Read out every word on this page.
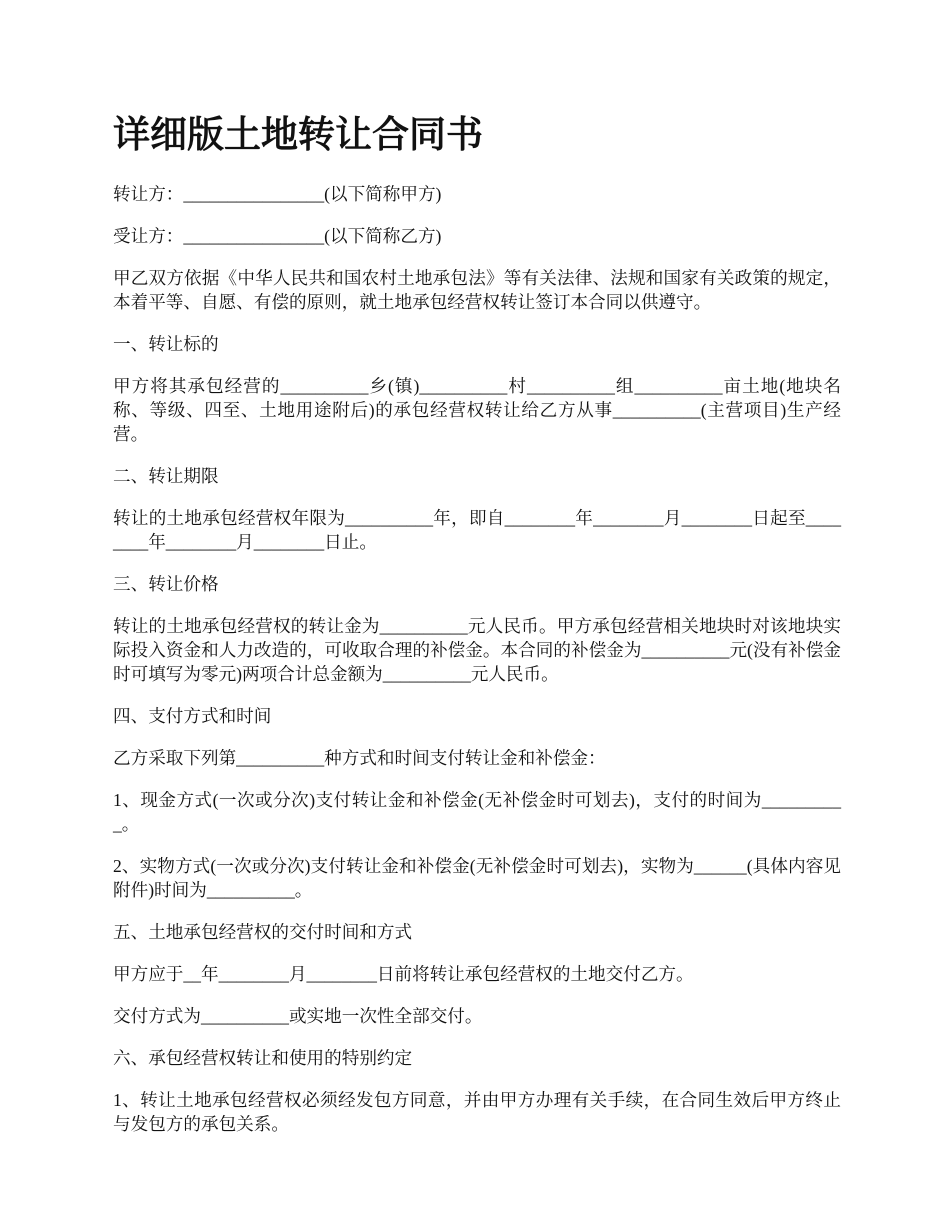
详细版土地转让合同书

转让方：________________(以下简称甲方)

受让方：________________(以下简称乙方)

甲乙双方依据《中华人民共和国农村土地承包法》等有关法律、法规和国家有关政策的规定，本着平等、自愿、有偿的原则，就土地承包经营权转让签订本合同以供遵守。

一、转让标的

甲方将其承包经营的__________乡(镇)__________村__________组__________亩土地(地块名称、等级、四至、土地用途附后)的承包经营权转让给乙方从事__________(主营项目)生产经营。

二、转让期限

转让的土地承包经营权年限为__________年，即自________年________月________日起至________年________月________日止。

三、转让价格

转让的土地承包经营权的转让金为__________元人民币。甲方承包经营相关地块时对该地块实际投入资金和人力改造的，可收取合理的补偿金。本合同的补偿金为__________元(没有补偿金时可填写为零元)两项合计总金额为__________元人民币。

四、支付方式和时间

乙方采取下列第__________种方式和时间支付转让金和补偿金：

1、现金方式(一次或分次)支付转让金和补偿金(无补偿金时可划去)，支付的时间为__________。

2、实物方式(一次或分次)支付转让金和补偿金(无补偿金时可划去)，实物为______(具体内容见附件)时间为__________。

五、土地承包经营权的交付时间和方式

甲方应于__年________月________日前将转让承包经营权的土地交付乙方。

交付方式为__________或实地一次性全部交付。

六、承包经营权转让和使用的特别约定

1、转让土地承包经营权必须经发包方同意，并由甲方办理有关手续，在合同生效后甲方终止与发包方的承包关系。
